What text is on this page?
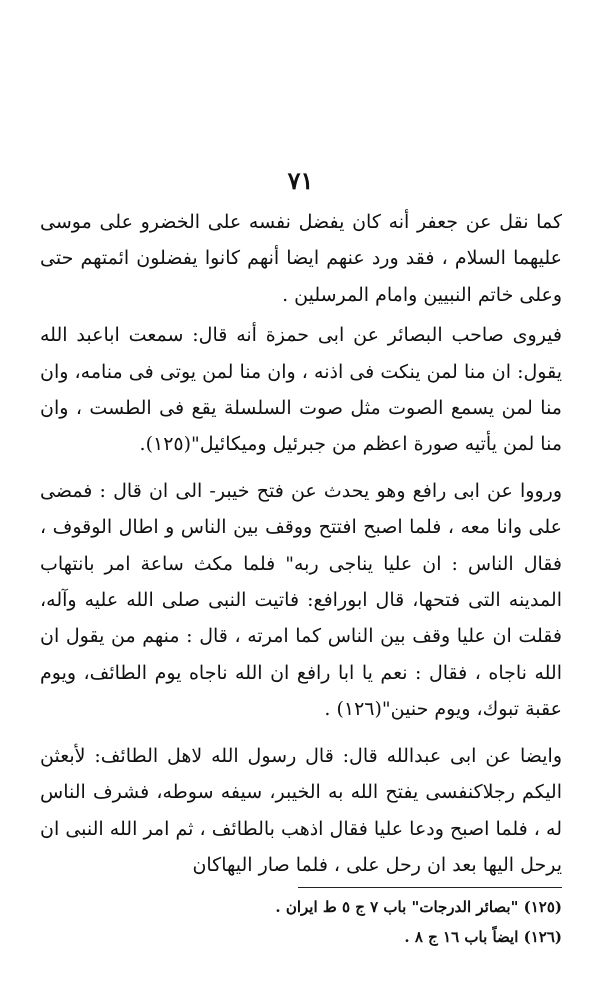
٧١

كما نقل عن جعفر أنه كان يفضل نفسه على الخضرو على موسى عليهما السلام ، فقد ورد عنهم ايضا أنهم كانوا يفضلون ائمتهم حتى وعلى خاتم النبيين وامام المرسلين .

فيروى صاحب البصائر عن ابى حمزة أنه قال: سمعت اباعبد الله يقول: ان منا لمن ينكت فى اذنه ، وان منا لمن يوتى فى منامه، وان منا لمن يسمع الصوت مثل صوت السلسلة يقع فى الطست ، وان منا لمن يأتيه صورة اعظم من جبرئيل وميكائيل"(١٢٥).

ورووا عن ابى رافع وهو يحدث عن فتح خيبر- الى ان قال : فمضى على وانا معه ، فلما اصبح افتتح ووقف بين الناس و اطال الوقوف ، فقال الناس : ان عليا يناجى ربه" فلما مكث ساعة امر بانتهاب المدينه التى فتحها، قال ابورافع: فاتيت النبى صلى الله عليه وآله، فقلت ان عليا وقف بين الناس كما امرته ، قال : منهم من يقول ان الله ناجاه ، فقال : نعم يا ابا رافع ان الله ناجاه يوم الطائف، ويوم عقبة تبوك، ويوم حنين"(١٢٦) .

وايضا عن ابى عبدالله قال: قال رسول الله لاهل الطائف: لأبعثن اليكم رجلاكنفسى يفتح الله به الخيبر، سيفه سوطه، فشرف الناس له ، فلما اصبح ودعا عليا فقال اذهب بالطائف ، ثم امر الله النبى ان يرحل اليها بعد ان رحل على ، فلما صار اليهاكان

(١٢٥) "بصائر الدرجات" باب ٧ ج ٥ ط ايران .

(١٢٦) ايضاً باب ١٦ ج ٨ .
